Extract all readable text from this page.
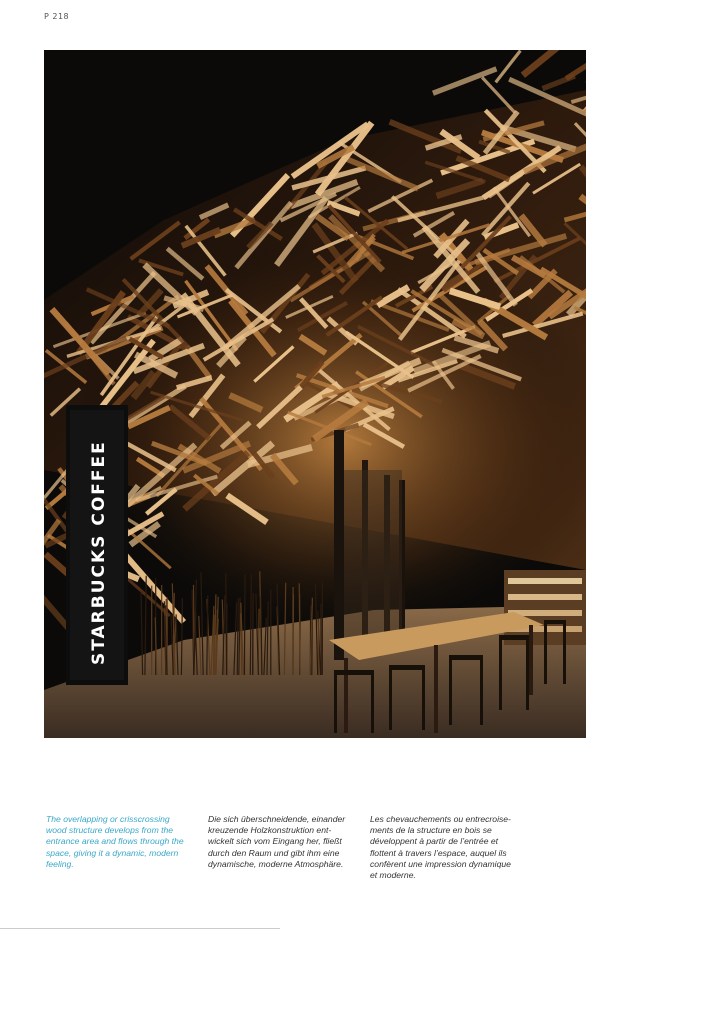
P 218
STARBUCKS COFFEE
The overlapping or crisscrossing
wood structure develops from the
entrance area and flows through the
space, giving it a dynamic, modern
feeling.
Die sich überschneidende, einander
kreuzende Holzkonstruktion ent-
wickelt sich vom Eingang her, fließt
durch den Raum und gibt ihm eine
dynamische, moderne Atmosphäre.
Les chevauchements ou entrecroise-
ments de la structure en bois se
développent à partir de l’entrée et
flottent à travers l’espace, auquel ils
confèrent une impression dynamique
et moderne.
